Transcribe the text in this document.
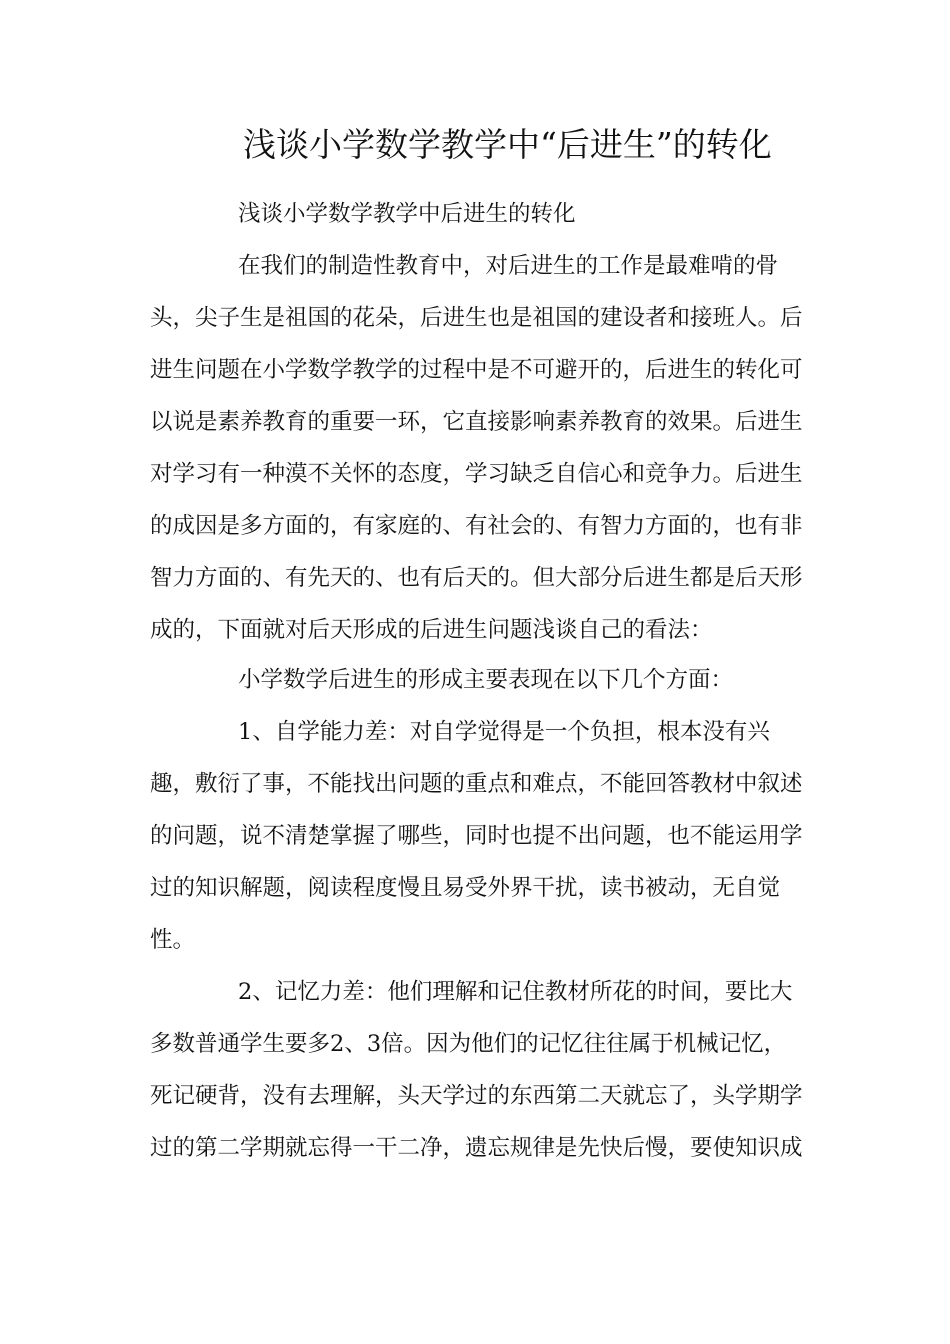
浅谈小学数学教学中“后进生”的转化
浅谈小学数学教学中后进生的转化
在我们的制造性教育中，对后进生的工作是最难啃的骨
头，尖子生是祖国的花朵，后进生也是祖国的建设者和接班人。后
进生问题在小学数学教学的过程中是不可避开的，后进生的转化可
以说是素养教育的重要一环，它直接影响素养教育的效果。后进生
对学习有一种漠不关怀的态度，学习缺乏自信心和竞争力。后进生
的成因是多方面的，有家庭的、有社会的、有智力方面的，也有非
智力方面的、有先天的、也有后天的。但大部分后进生都是后天形
成的，下面就对后天形成的后进生问题浅谈自己的看法：
小学数学后进生的形成主要表现在以下几个方面：
1、自学能力差：对自学觉得是一个负担，根本没有兴
趣，敷衍了事，不能找出问题的重点和难点，不能回答教材中叙述
的问题，说不清楚掌握了哪些，同时也提不出问题，也不能运用学
过的知识解题，阅读程度慢且易受外界干扰，读书被动，无自觉
性。
2、记忆力差：他们理解和记住教材所花的时间，要比大
多数普通学生要多2、3倍。因为他们的记忆往往属于机械记忆，
死记硬背，没有去理解，头天学过的东西第二天就忘了，头学期学
过的第二学期就忘得一干二净，遗忘规律是先快后慢，要使知识成
